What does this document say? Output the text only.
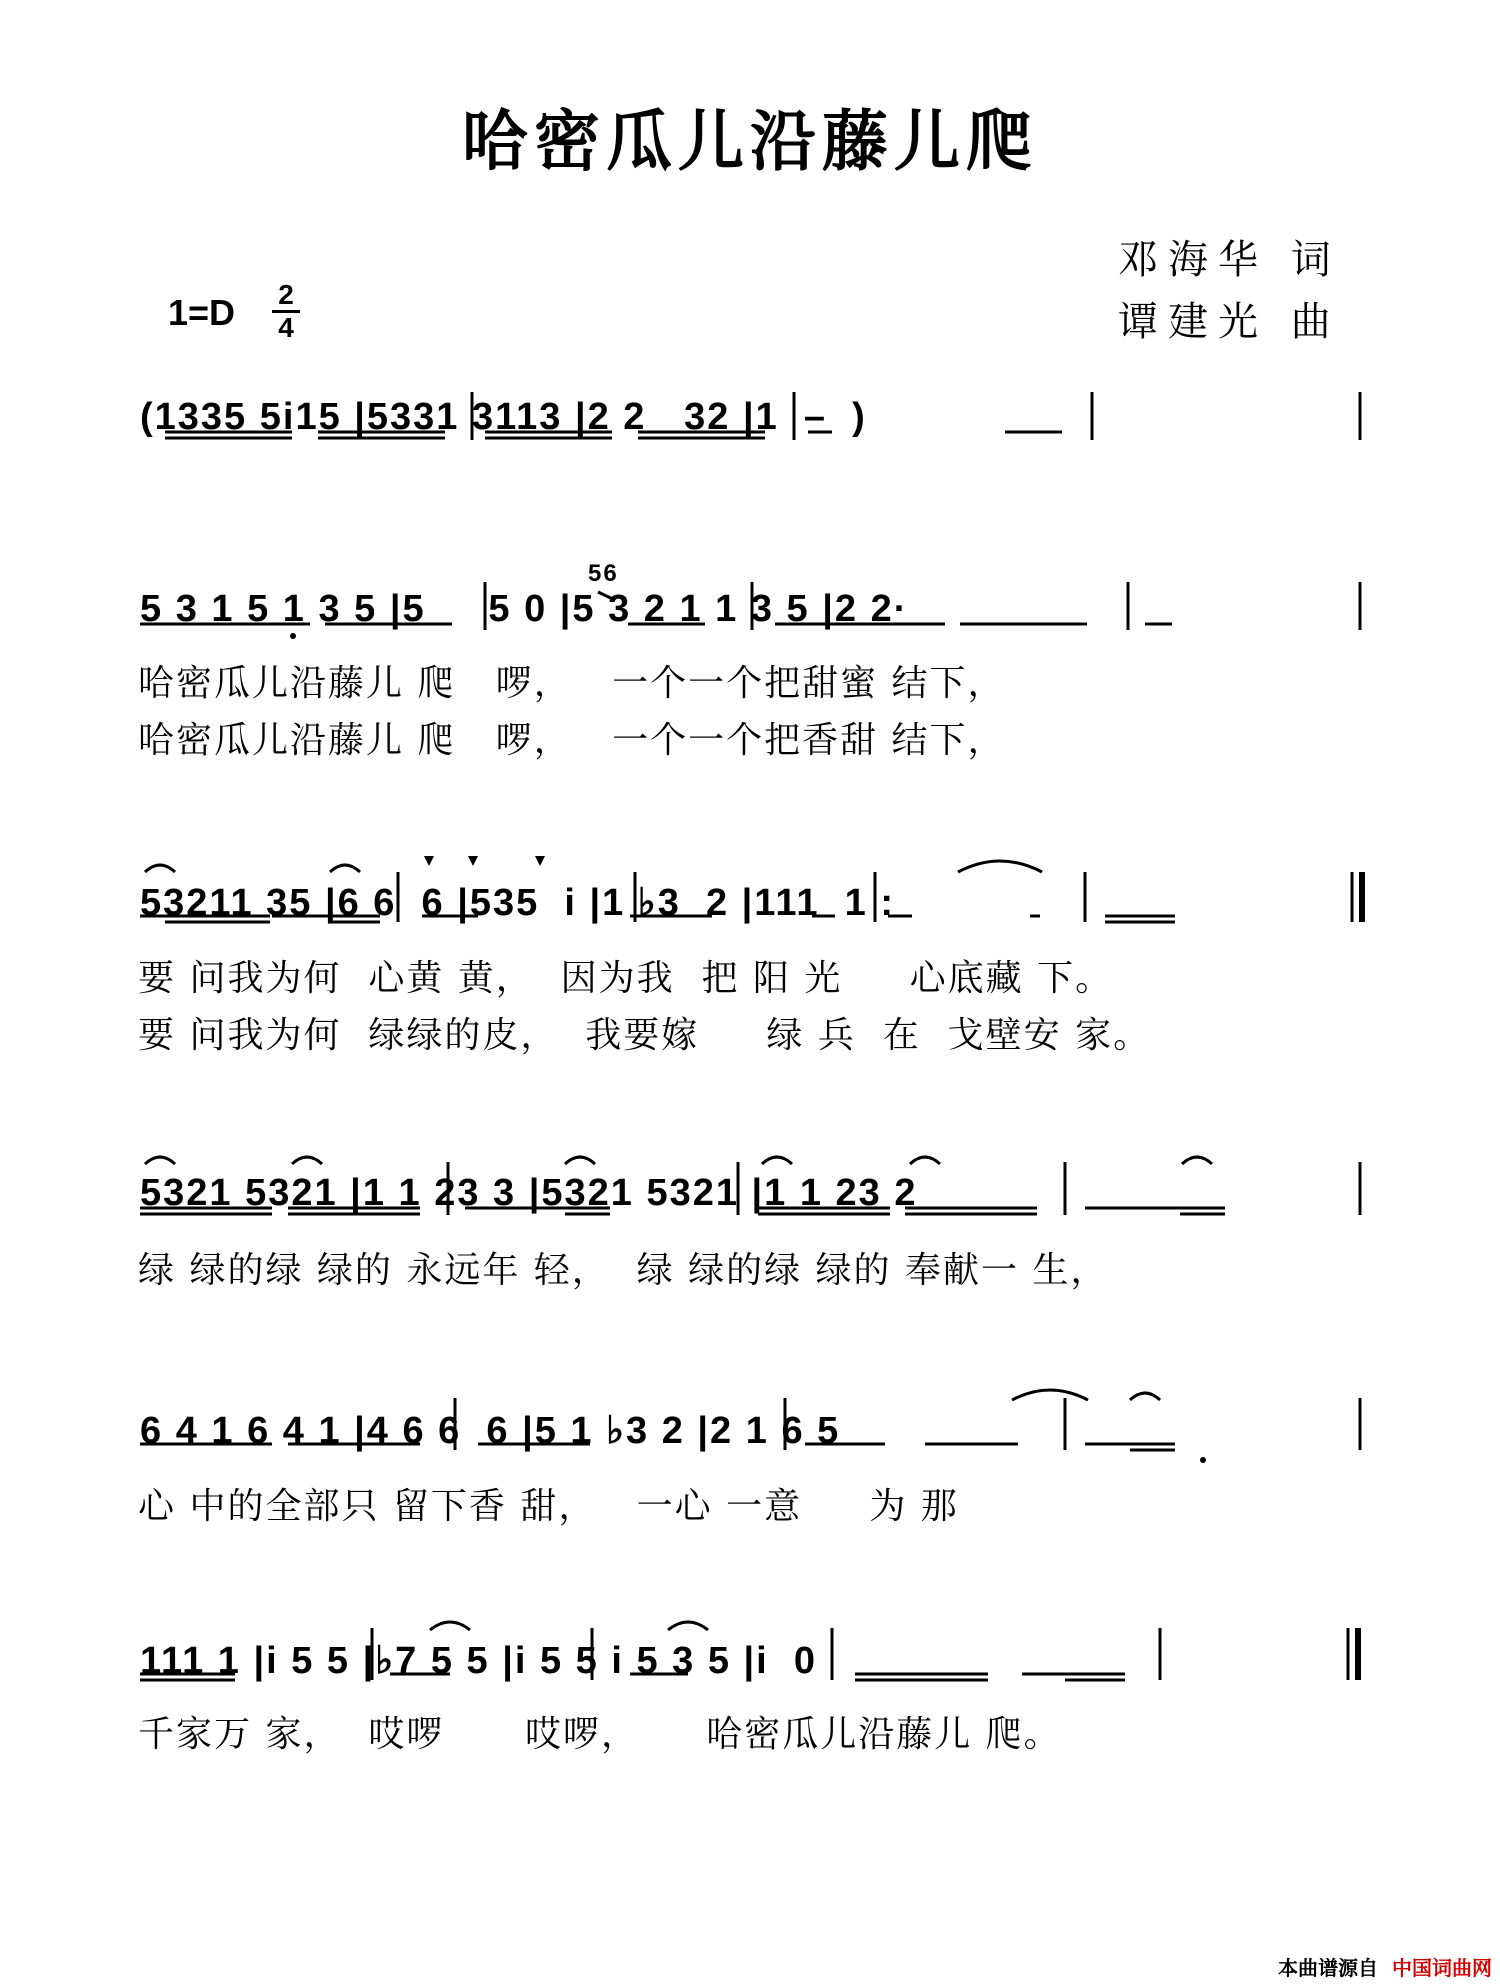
哈密瓜儿沿藤儿爬
邓海华 词
谭建光 曲
$1=D \frac{2}{4}$
(1335 5i15 |5331 3113 |2 2   32 |1  –  )
56
5 3 1 5 1 3 5 |5     5 0 |5 3 2 1 1 3 5 |2 2·
哈密瓜儿沿藤儿 爬   啰，   一个一个把甜蜜 结下，
哈密瓜儿沿藤儿 爬   啰，   一个一个把香甜 结下，
53211 35 |6 6  6 |535  i |1 ♭3  2 |111  1 :
要 问我为何  心黄 黄，  因为我  把 阳 光     心底藏 下。
要 问我为何  绿绿的皮，  我要嫁     绿 兵  在  戈壁安 家。
5321 5321 |1 1 23 3 |5321 5321 |1 1 23 2
绿 绿的绿 绿的 永远年 轻，  绿 绿的绿 绿的 奉献一 生，
6 4 1 6 4 1 |4 6 6  6 |5 1 ♭3 2 |2 1 6 5
心 中的全部只 留下香 甜，   一心 一意     为 那
111 1 |i 5 5 |♭7 5 5 |i 5 5 i 5 3 5 |i  0
千家万 家，  哎啰      哎啰，     哈密瓜儿沿藤儿 爬。
本曲谱源自 中国词曲网
